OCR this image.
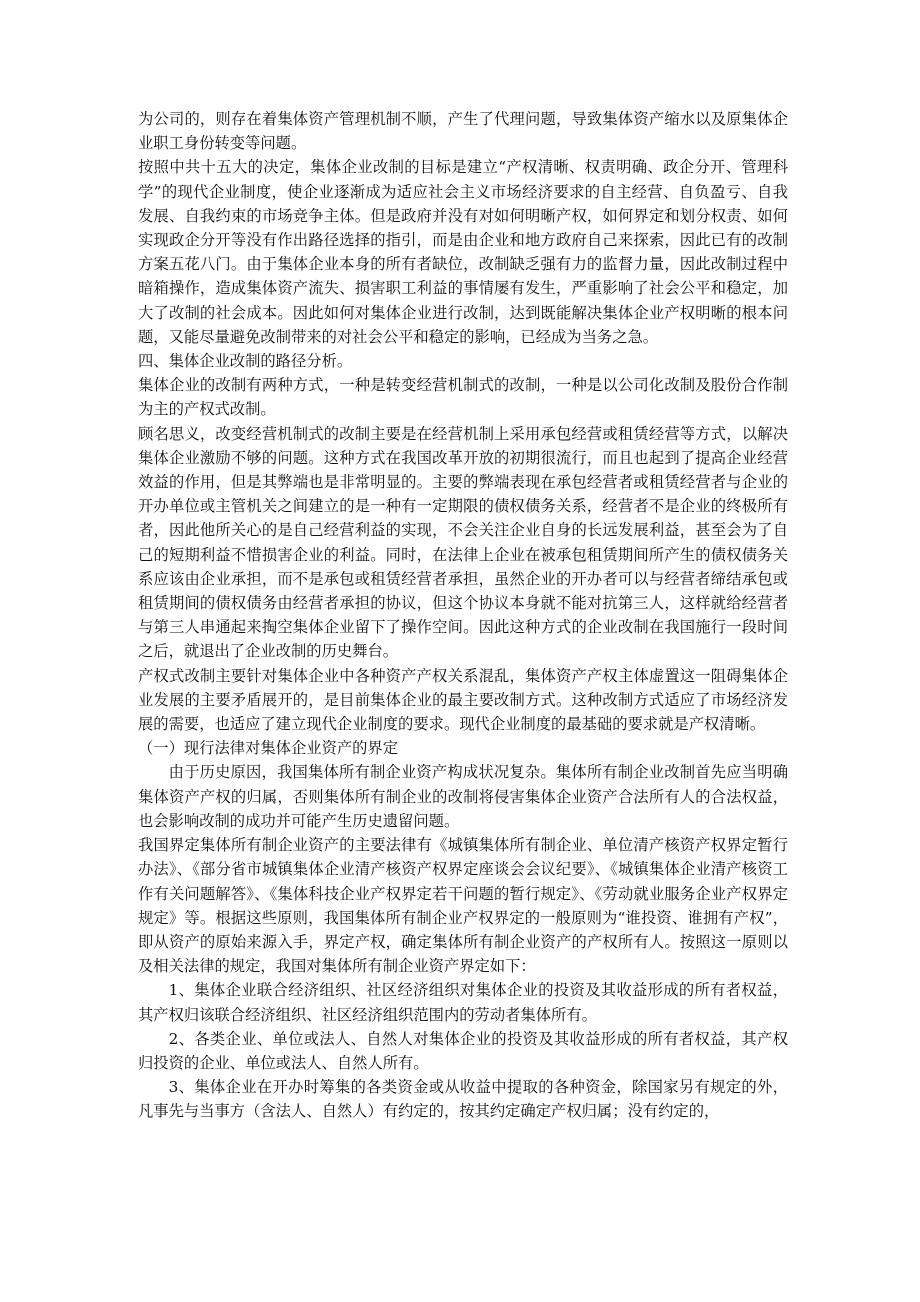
为公司的，则存在着集体资产管理机制不顺，产生了代理问题，导致集体资产缩水以及原集体企业职工身份转变等问题。

按照中共十五大的决定，集体企业改制的目标是建立“产权清晰、权责明确、政企分开、管理科学”的现代企业制度，使企业逐渐成为适应社会主义市场经济要求的自主经营、自负盈亏、自我发展、自我约束的市场竞争主体。但是政府并没有对如何明晰产权，如何界定和划分权责、如何实现政企分开等没有作出路径选择的指引，而是由企业和地方政府自己来探索，因此已有的改制方案五花八门。由于集体企业本身的所有者缺位，改制缺乏强有力的监督力量，因此改制过程中暗箱操作，造成集体资产流失、损害职工利益的事情屡有发生，严重影响了社会公平和稳定，加大了改制的社会成本。因此如何对集体企业进行改制，达到既能解决集体企业产权明晰的根本问题，又能尽量避免改制带来的对社会公平和稳定的影响，已经成为当务之急。

四、集体企业改制的路径分析。

集体企业的改制有两种方式，一种是转变经营机制式的改制，一种是以公司化改制及股份合作制为主的产权式改制。

顾名思义，改变经营机制式的改制主要是在经营机制上采用承包经营或租赁经营等方式，以解决集体企业激励不够的问题。这种方式在我国改革开放的初期很流行，而且也起到了提高企业经营效益的作用，但是其弊端也是非常明显的。主要的弊端表现在承包经营者或租赁经营者与企业的开办单位或主管机关之间建立的是一种有一定期限的债权债务关系，经营者不是企业的终极所有者，因此他所关心的是自己经营利益的实现，不会关注企业自身的长远发展利益，甚至会为了自己的短期利益不惜损害企业的利益。同时，在法律上企业在被承包租赁期间所产生的债权债务关系应该由企业承担，而不是承包或租赁经营者承担，虽然企业的开办者可以与经营者缔结承包或租赁期间的债权债务由经营者承担的协议，但这个协议本身就不能对抗第三人，这样就给经营者与第三人串通起来掏空集体企业留下了操作空间。因此这种方式的企业改制在我国施行一段时间之后，就退出了企业改制的历史舞台。

产权式改制主要针对集体企业中各种资产产权关系混乱，集体资产产权主体虚置这一阻碍集体企业发展的主要矛盾展开的，是目前集体企业的最主要改制方式。这种改制方式适应了市场经济发展的需要，也适应了建立现代企业制度的要求。现代企业制度的最基础的要求就是产权清晰。

（一）现行法律对集体企业资产的界定

由于历史原因，我国集体所有制企业资产构成状况复杂。集体所有制企业改制首先应当明确集体资产产权的归属，否则集体所有制企业的改制将侵害集体企业资产合法所有人的合法权益，也会影响改制的成功并可能产生历史遗留问题。

我国界定集体所有制企业资产的主要法律有《城镇集体所有制企业、单位清产核资产权界定暂行办法》、《部分省市城镇集体企业清产核资产权界定座谈会会议纪要》、《城镇集体企业清产核资工作有关问题解答》、《集体科技企业产权界定若干问题的暂行规定》、《劳动就业服务企业产权界定规定》等。根据这些原则，我国集体所有制企业产权界定的一般原则为“谁投资、谁拥有产权”，即从资产的原始来源入手，界定产权，确定集体所有制企业资产的产权所有人。按照这一原则以及相关法律的规定，我国对集体所有制企业资产界定如下：

1、集体企业联合经济组织、社区经济组织对集体企业的投资及其收益形成的所有者权益，其产权归该联合经济组织、社区经济组织范围内的劳动者集体所有。

2、各类企业、单位或法人、自然人对集体企业的投资及其收益形成的所有者权益，其产权归投资的企业、单位或法人、自然人所有。

3、集体企业在开办时筹集的各类资金或从收益中提取的各种资金，除国家另有规定的外，凡事先与当事方（含法人、自然人）有约定的，按其约定确定产权归属；没有约定的，
